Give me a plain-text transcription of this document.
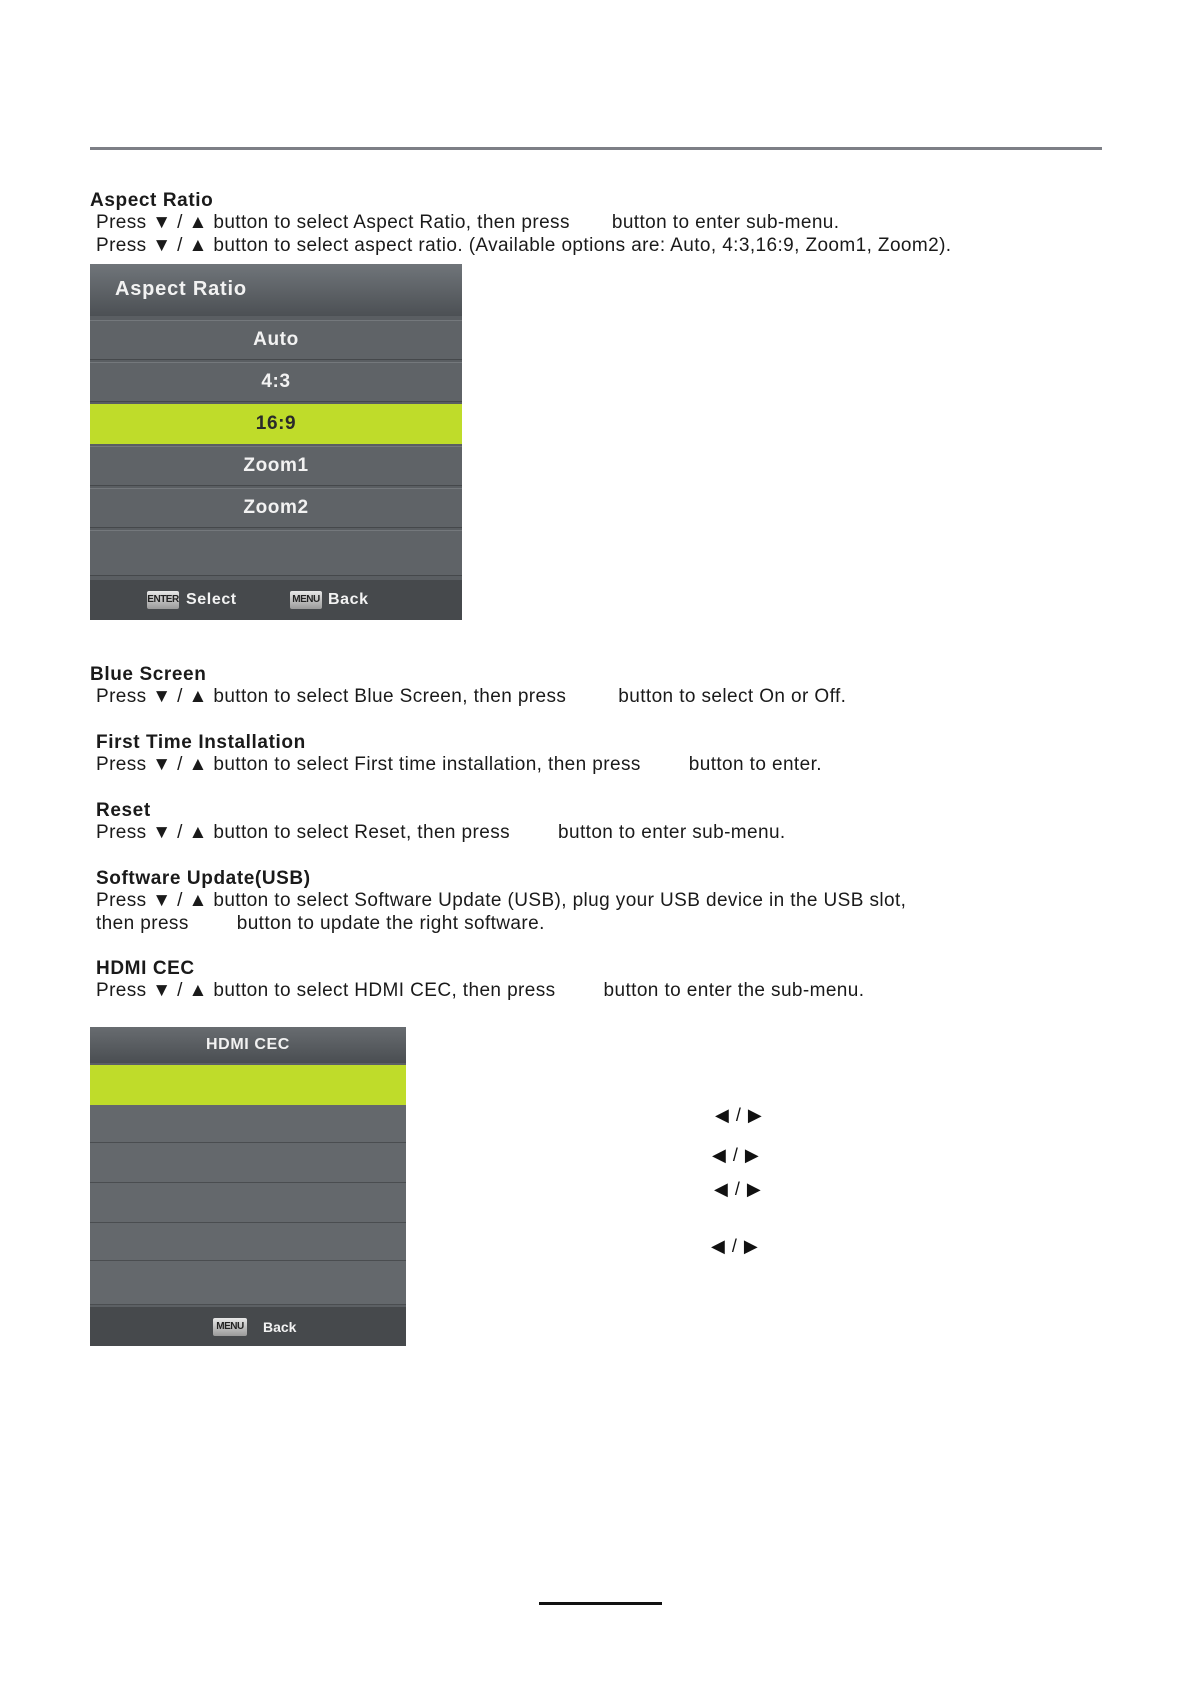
Aspect Ratio
Press ▼ / ▲ button to select Aspect Ratio, then press button to enter sub-menu.
Press ▼ / ▲ button to select aspect ratio. (Available options are: Auto, 4:3,16:9, Zoom1, Zoom2).
Aspect Ratio
Auto
4:3
16:9
Zoom1
Zoom2
ENTER Select	MENU Back
Blue Screen
Press ▼ / ▲ button to select Blue Screen, then press	button to select On or Off.
First Time Installation
Press ▼ / ▲ button to select First time installation, then press	button to enter.
Reset
Press ▼ / ▲ button to select Reset, then press	button to enter sub-menu.
Software Update(USB)
Press ▼ / ▲ button to select Software Update (USB), plug your USB device in the USB slot,
then press	button to update the right software.
HDMI CEC
Press ▼ / ▲ button to select HDMI CEC, then press	button to enter the sub-menu.
HDMI CEC
MENU Back
◀ / ▶
◀ / ▶
◀ / ▶
◀ / ▶
